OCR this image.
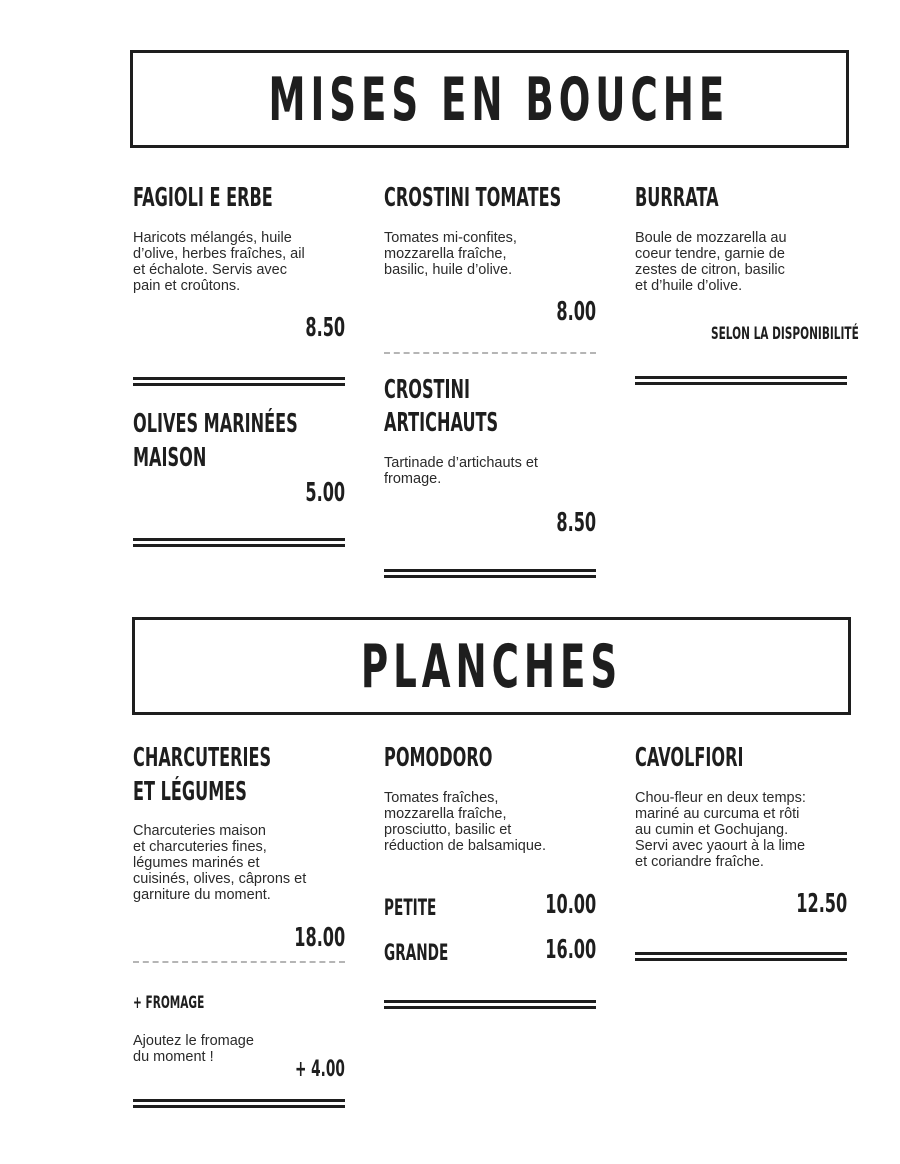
MISES EN BOUCHE
FAGIOLI E ERBE
Haricots mélangés, huile
d’olive, herbes fraîches, ail
et échalote. Servis avec
pain et croûtons.
8.50
OLIVES MARINÉES
MAISON
5.00
CROSTINI TOMATES
Tomates mi-confites,
mozzarella fraîche,
basilic, huile d’olive.
8.00
CROSTINI
ARTICHAUTS
Tartinade d’artichauts et
fromage.
8.50
BURRATA
Boule de mozzarella au
coeur tendre, garnie de
zestes de citron, basilic
et d’huile d’olive.
SELON LA DISPONIBILITÉ
PLANCHES
CHARCUTERIES
ET LÉGUMES
Charcuteries maison
et charcuteries fines,
légumes marinés et
cuisinés, olives, câprons et
garniture du moment.
18.00
+ FROMAGE
Ajoutez le fromage
du moment !	+ 4.00
POMODORO
Tomates fraîches,
mozzarella fraîche,
prosciutto, basilic et
réduction de balsamique.
PETITE	10.00
GRANDE	16.00
CAVOLFIORI
Chou-fleur en deux temps:
mariné au curcuma et rôti
au cumin et Gochujang.
Servi avec yaourt à la lime
et coriandre fraîche.
12.50
